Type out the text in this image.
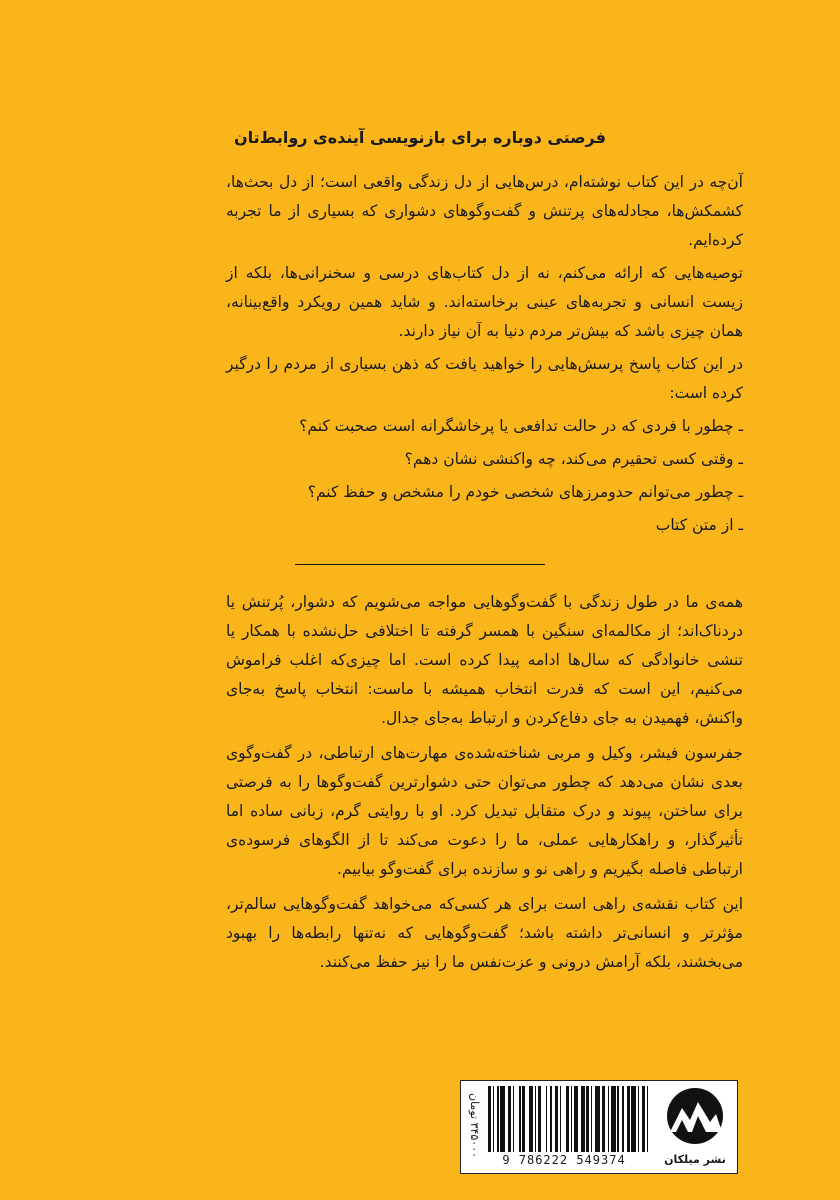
فرصتی دوباره برای بازنویسی آینده‌ی روابط‌تان

آن‌چه در این کتاب نوشته‌ام، درس‌هایی از دل زندگی واقعی است؛ از دل بحث‌ها، کشمکش‌ها، مجادله‌های پرتنش و گفت‌وگوهای دشواری که بسیاری از ما تجربه کرده‌ایم.

توصیه‌هایی که ارائه می‌کنم، نه از دل کتاب‌های درسی و سخنرانی‌ها، بلکه از زیست انسانی و تجربه‌های عینی برخاسته‌اند. و شاید همین رویکرد واقع‌بینانه، همان چیزی باشد که بیش‌تر مردم دنیا به آن نیاز دارند.

در این کتاب پاسخ پرسش‌هایی را خواهید یافت که ذهن بسیاری از مردم را درگیر کرده است:

ـ چطور با فردی که در حالت تدافعی یا پرخاشگرانه است صحبت کنم؟

ـ وقتی کسی تحقیرم می‌کند، چه واکنشی نشان دهم؟

ـ چطور می‌توانم حدومرزهای شخصی خودم را مشخص و حفظ کنم؟

ـ از متن کتاب

همه‌ی ما در طول زندگی با گفت‌وگوهایی مواجه می‌شویم که دشوار، پُرتنش یا دردناک‌اند؛ از مکالمه‌ای سنگین با همسر گرفته تا اختلافی حل‌نشده با همکار یا تنشی خانوادگی که سال‌ها ادامه پیدا کرده است. اما چیزی‌که اغلب فراموش می‌کنیم، این است که قدرت انتخاب همیشه با ماست: انتخاب پاسخ به‌جای واکنش، فهمیدن به جای دفاع‌کردن و ارتباط به‌جای جدال.

جفرسون فیشر، وکیل و مربی شناخته‌شده‌ی مهارت‌های ارتباطی، در گفت‌وگوی بعدی نشان می‌دهد که چطور می‌توان حتی دشوارترین گفت‌وگوها را به فرصتی برای ساختن، پیوند و درک متقابل تبدیل کرد. او با روایتی گرم، زبانی ساده اما تأثیرگذار، و راهکارهایی عملی، ما را دعوت می‌کند تا از الگوهای فرسوده‌ی ارتباطی فاصله بگیریم و راهی نو و سازنده برای گفت‌وگو بیابیم.

این کتاب نقشه‌ی راهی است برای هر کسی‌که می‌خواهد گفت‌وگوهایی سالم‌تر، مؤثرتر و انسانی‌تر داشته باشد؛ گفت‌وگوهایی که نه‌تنها رابطه‌ها را بهبود می‌بخشند، بلکه آرامش درونی و عزت‌نفس ما را نیز حفظ می‌کنند.

۳۴۵۰۰۰ تومان
9 786222 549374	نشر میلکان
